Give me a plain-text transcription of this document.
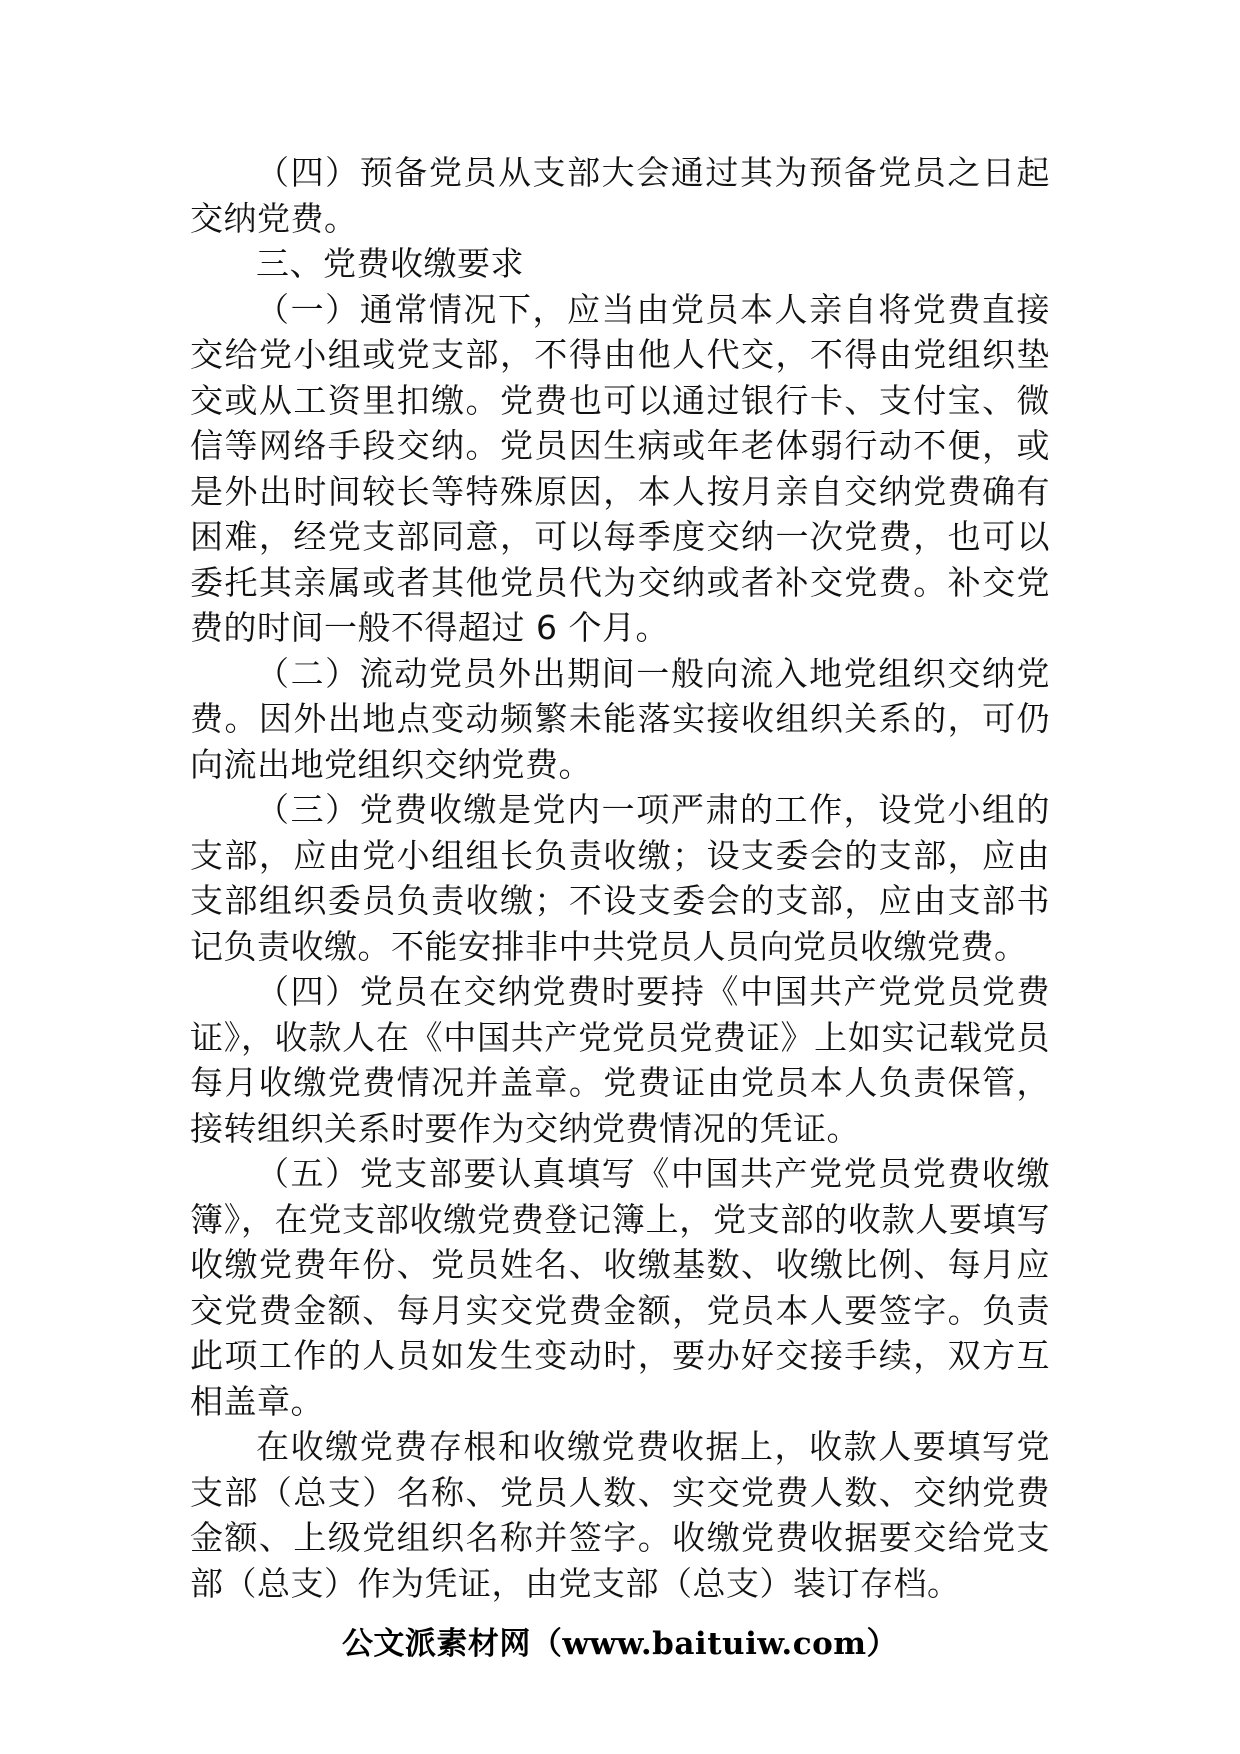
（四）预备党员从支部大会通过其为预备党员之日起交纳党费。

三、党费收缴要求

（一）通常情况下，应当由党员本人亲自将党费直接交给党小组或党支部，不得由他人代交，不得由党组织垫交或从工资里扣缴。党费也可以通过银行卡、支付宝、微信等网络手段交纳。党员因生病或年老体弱行动不便，或是外出时间较长等特殊原因，本人按月亲自交纳党费确有困难，经党支部同意，可以每季度交纳一次党费，也可以委托其亲属或者其他党员代为交纳或者补交党费。补交党费的时间一般不得超过 6 个月。

（二）流动党员外出期间一般向流入地党组织交纳党费。因外出地点变动频繁未能落实接收组织关系的，可仍向流出地党组织交纳党费。

（三）党费收缴是党内一项严肃的工作，设党小组的支部，应由党小组组长负责收缴；设支委会的支部，应由支部组织委员负责收缴；不设支委会的支部，应由支部书记负责收缴。不能安排非中共党员人员向党员收缴党费。

（四）党员在交纳党费时要持《中国共产党党员党费证》，收款人在《中国共产党党员党费证》上如实记载党员每月收缴党费情况并盖章。党费证由党员本人负责保管，接转组织关系时要作为交纳党费情况的凭证。

（五）党支部要认真填写《中国共产党党员党费收缴簿》，在党支部收缴党费登记簿上，党支部的收款人要填写收缴党费年份、党员姓名、收缴基数、收缴比例、每月应交党费金额、每月实交党费金额，党员本人要签字。负责此项工作的人员如发生变动时，要办好交接手续，双方互相盖章。

在收缴党费存根和收缴党费收据上，收款人要填写党支部（总支）名称、党员人数、实交党费人数、交纳党费金额、上级党组织名称并签字。收缴党费收据要交给党支部（总支）作为凭证，由党支部（总支）装订存档。

公文派素材网（www.baituiw.com）
